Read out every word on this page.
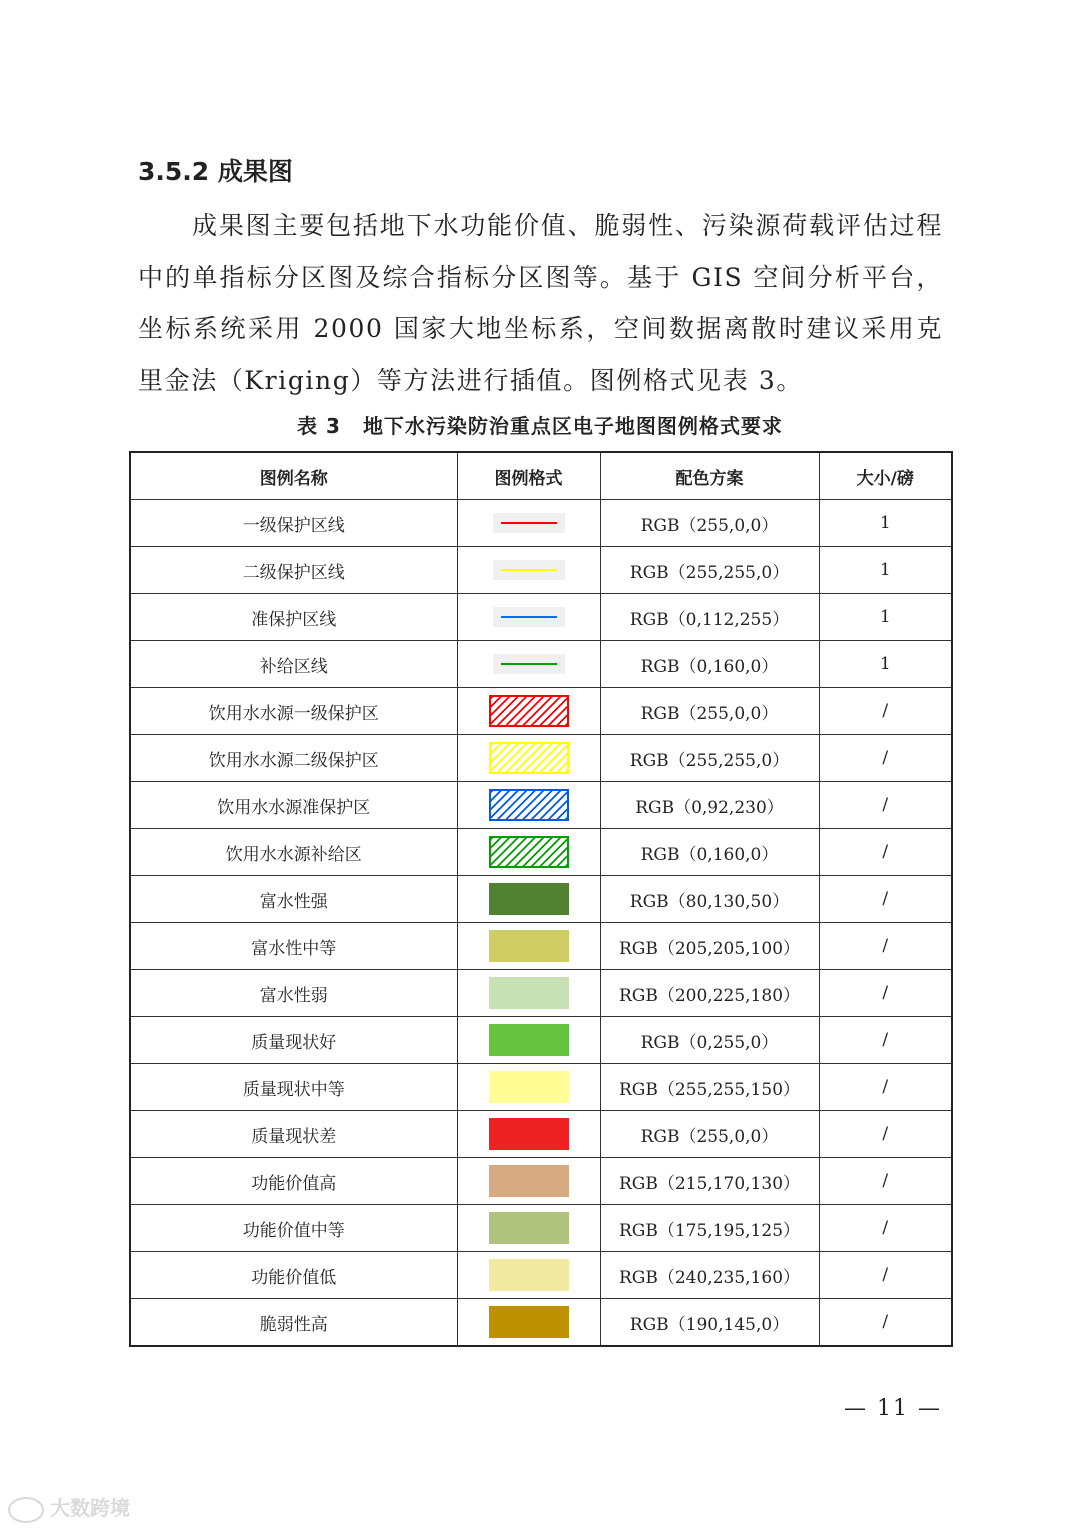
3.5.2 成果图

成果图主要包括地下水功能价值、脆弱性、污染源荷载评估过程中的单指标分区图及综合指标分区图等。基于 GIS 空间分析平台，坐标系统采用 2000 国家大地坐标系，空间数据离散时建议采用克里金法（Kriging）等方法进行插值。图例格式见表 3。

表 3 地下水污染防治重点区电子地图图例格式要求

图例名称	图例格式	配色方案	大小/磅
一级保护区线		RGB（255,0,0）	1
二级保护区线		RGB（255,255,0）	1
准保护区线		RGB（0,112,255）	1
补给区线		RGB（0,160,0）	1
饮用水水源一级保护区		RGB（255,0,0）	/
饮用水水源二级保护区		RGB（255,255,0）	/
饮用水水源准保护区		RGB（0,92,230）	/
饮用水水源补给区		RGB（0,160,0）	/
富水性强		RGB（80,130,50）	/
富水性中等		RGB（205,205,100）	/
富水性弱		RGB（200,225,180）	/
质量现状好		RGB（0,255,0）	/
质量现状中等		RGB（255,255,150）	/
质量现状差		RGB（255,0,0）	/
功能价值高		RGB（215,170,130）	/
功能价值中等		RGB（175,195,125）	/
功能价值低		RGB（240,235,160）	/
脆弱性高		RGB（190,145,0）	/
— 11 —
大数跨境
